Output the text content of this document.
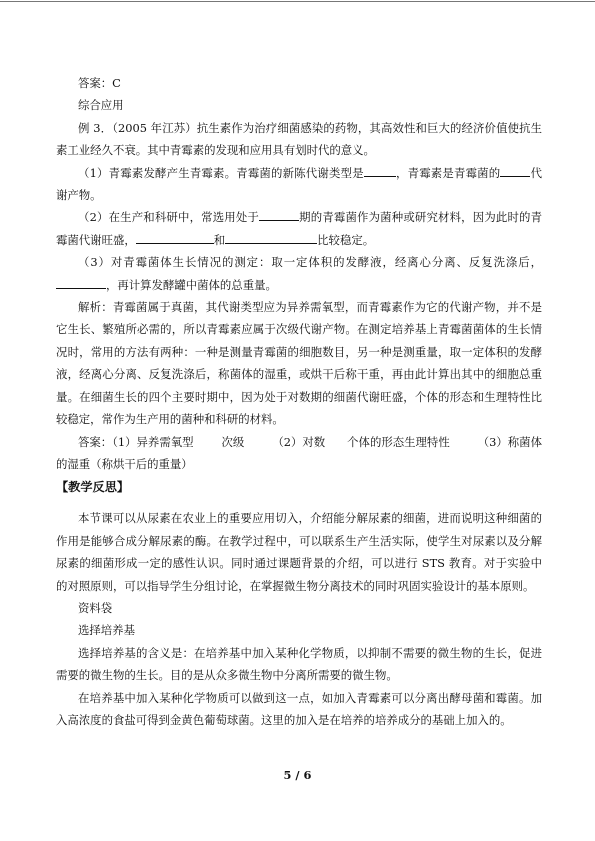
答案：C

综合应用

例 3．（2005 年江苏）抗生素作为治疗细菌感染的药物，其高效性和巨大的经济价值使抗生素工业经久不衰。其中青霉素的发现和应用具有划时代的意义。

（1）青霉素发酵产生青霉素。青霉菌的新陈代谢类型是	，青霉素是青霉菌的	代谢产物。

（2）在生产和科研中，常选用处于	期的青霉菌作为菌种或研究材料，因为此时的青霉菌代谢旺盛，	和	比较稳定。

（3）对青霉菌体生长情况的测定：取一定体积的发酵液，经离心分离、反复洗涤后，，再计算发酵罐中菌体的总重量。

解析：青霉菌属于真菌，其代谢类型应为异养需氧型，而青霉素作为它的代谢产物，并不是它生长、繁殖所必需的，所以青霉素应属于次级代谢产物。在测定培养基上青霉菌菌体的生长情况时，常用的方法有两种：一种是测量青霉菌的细胞数目，另一种是测重量，取一定体积的发酵液，经离心分离、反复洗涤后，称菌体的湿重，或烘干后称干重，再由此计算出其中的细胞总重量。在细菌生长的四个主要时期中，因为处于对数期的细菌代谢旺盛，个体的形态和生理特性比较稳定，常作为生产用的菌种和科研的材料。

答案：（1）异养需氧型 次级 （2）对数 个体的形态生理特性 （3）称菌体的湿重（称烘干后的重量）

【教学反思】

本节课可以从尿素在农业上的重要应用切入，介绍能分解尿素的细菌，进而说明这种细菌的作用是能够合成分解尿素的酶。在教学过程中，可以联系生产生活实际，使学生对尿素以及分解尿素的细菌形成一定的感性认识。同时通过课题背景的介绍，可以进行 STS 教育。对于实验中的对照原则，可以指导学生分组讨论，在掌握微生物分离技术的同时巩固实验设计的基本原则。

资料袋

选择培养基

选择培养基的含义是：在培养基中加入某种化学物质，以抑制不需要的微生物的生长，促进需要的微生物的生长。目的是从众多微生物中分离所需要的微生物。

在培养基中加入某种化学物质可以做到这一点，如加入青霉素可以分离出酵母菌和霉菌。加入高浓度的食盐可得到金黄色葡萄球菌。这里的加入是在培养的培养成分的基础上加入的。

5 / 6
